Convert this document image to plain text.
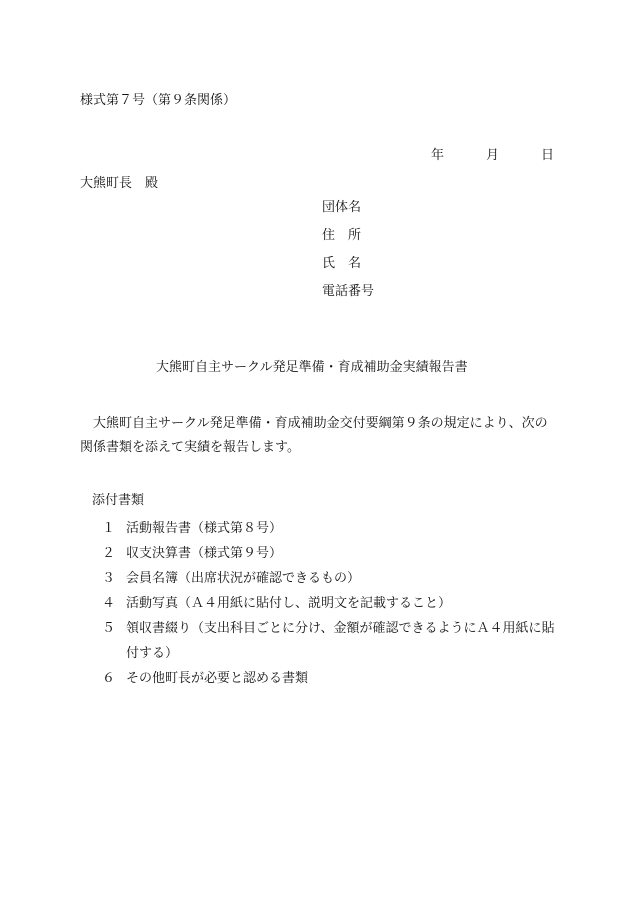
様式第７号（第９条関係）
年	月	日
大熊町長　殿
団体名
住　所
氏　名
電話番号
大熊町自主サークル発足準備・育成補助金実績報告書
大熊町自主サークル発足準備・育成補助金交付要綱第９条の規定により、次の関係書類を添えて実績を報告します。
添付書類
１ 活動報告書（様式第８号）
２ 収支決算書（様式第９号）
３ 会員名簿（出席状況が確認できるもの）
４ 活動写真（Ａ４用紙に貼付し、説明文を記載すること）
５ 領収書綴り（支出科目ごとに分け、金額が確認できるようにＡ４用紙に貼付する）
６ その他町長が必要と認める書類
